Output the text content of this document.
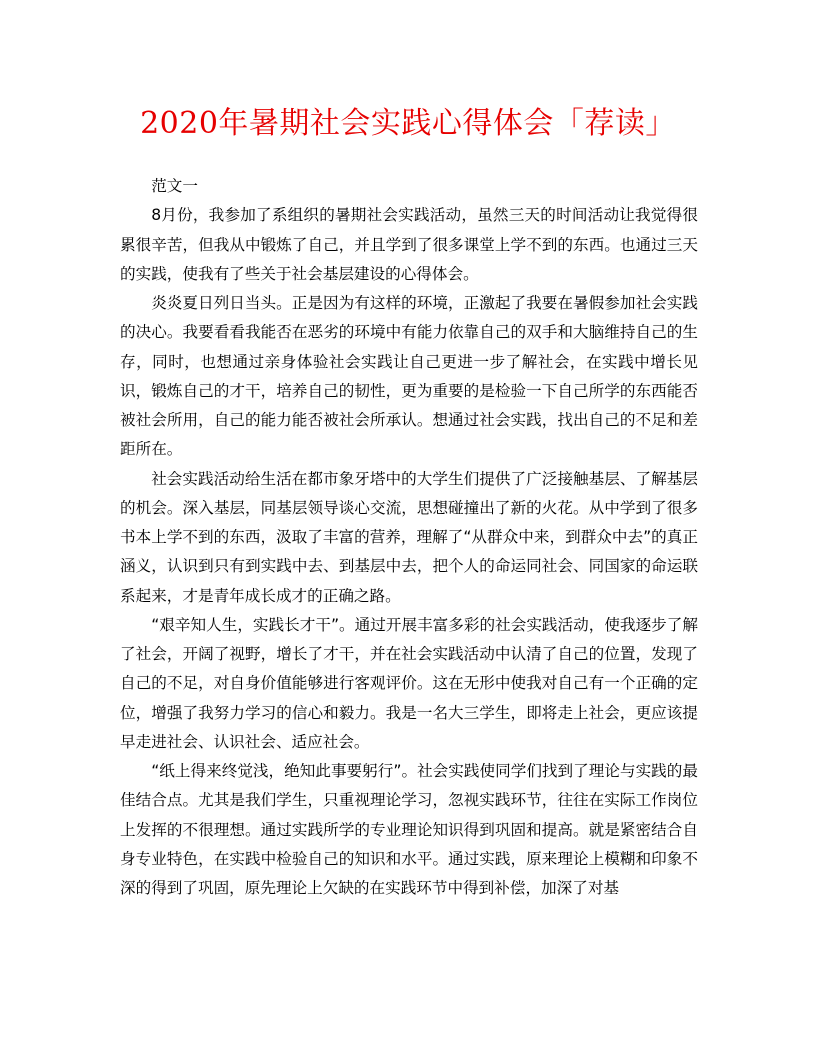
2020年暑期社会实践心得体会「荐读」

范文一

8月份，我参加了系组织的暑期社会实践活动，虽然三天的时间活动让我觉得很累很辛苦，但我从中锻炼了自己，并且学到了很多课堂上学不到的东西。也通过三天的实践，使我有了些关于社会基层建设的心得体会。

炎炎夏日列日当头。正是因为有这样的环境，正激起了我要在暑假参加社会实践的决心。我要看看我能否在恶劣的环境中有能力依靠自己的双手和大脑维持自己的生存，同时，也想通过亲身体验社会实践让自己更进一步了解社会，在实践中增长见识，锻炼自己的才干，培养自己的韧性，更为重要的是检验一下自己所学的东西能否被社会所用，自己的能力能否被社会所承认。想通过社会实践，找出自己的不足和差距所在。

社会实践活动给生活在都市象牙塔中的大学生们提供了广泛接触基层、了解基层的机会。深入基层，同基层领导谈心交流，思想碰撞出了新的火花。从中学到了很多书本上学不到的东西，汲取了丰富的营养，理解了“从群众中来，到群众中去”的真正涵义，认识到只有到实践中去、到基层中去，把个人的命运同社会、同国家的命运联系起来，才是青年成长成才的正确之路。

“艰辛知人生，实践长才干”。通过开展丰富多彩的社会实践活动，使我逐步了解了社会，开阔了视野，增长了才干，并在社会实践活动中认清了自己的位置，发现了自己的不足，对自身价值能够进行客观评价。这在无形中使我对自己有一个正确的定位，增强了我努力学习的信心和毅力。我是一名大三学生，即将走上社会，更应该提早走进社会、认识社会、适应社会。

“纸上得来终觉浅，绝知此事要躬行”。社会实践使同学们找到了理论与实践的最佳结合点。尤其是我们学生，只重视理论学习，忽视实践环节，往往在实际工作岗位上发挥的不很理想。通过实践所学的专业理论知识得到巩固和提高。就是紧密结合自身专业特色，在实践中检验自己的知识和水平。通过实践，原来理论上模糊和印象不深的得到了巩固，原先理论上欠缺的在实践环节中得到补偿，加深了对基
